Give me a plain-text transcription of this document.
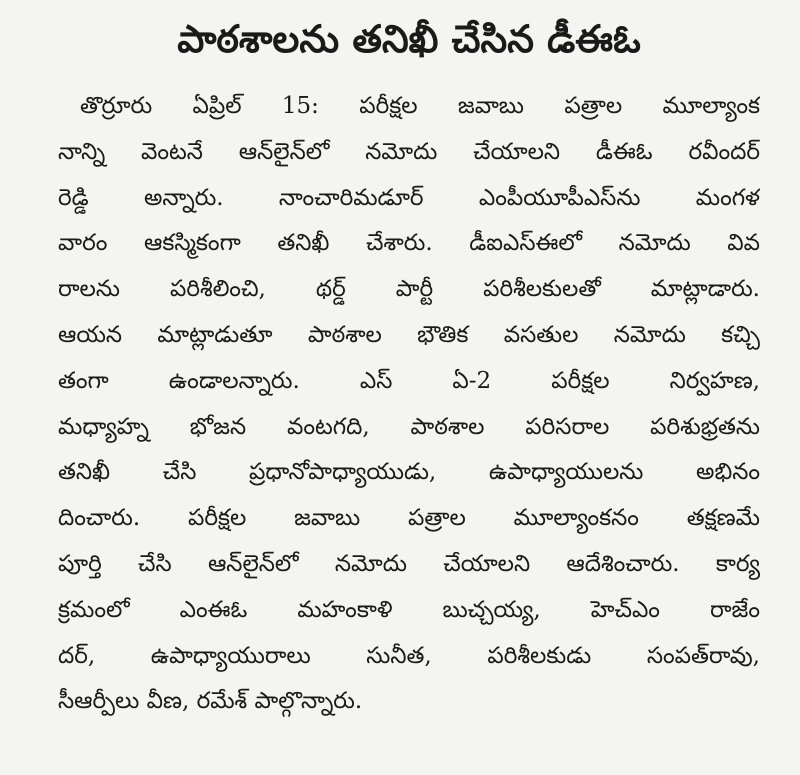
పాఠశాలను తనిఖీ చేసిన డీఈఓ
తొర్రూరు ఏప్రిల్ 15: పరీక్షల జవాబు పత్రాల మూల్యాంక
నాన్ని వెంటనే ఆన్‌లైన్‌లో నమోదు చేయాలని డీఈఓ రవీందర్
రెడ్డి అన్నారు. నాంచారిమడూర్ ఎంపీయూపీఎస్‌ను మంగళ
వారం ఆకస్మికంగా తనిఖీ చేశారు. డీఐఎస్‌ఈలో నమోదు వివ
రాలను పరిశీలించి, థర్డ్ పార్టీ పరిశీలకులతో మాట్లాడారు.
ఆయన మాట్లాడుతూ పాఠశాల భౌతిక వసతుల నమోదు కచ్చి
తంగా ఉండాలన్నారు. ఎస్ ఏ-2 పరీక్షల నిర్వహణ,
మధ్యాహ్న భోజన వంటగది, పాఠశాల పరిసరాల పరిశుభ్రతను
తనిఖీ చేసి ప్రధానోపాధ్యాయుడు, ఉపాధ్యాయులను అభినం
దించారు. పరీక్షల జవాబు పత్రాల మూల్యాంకనం తక్షణమే
పూర్తి చేసి ఆన్‌లైన్‌లో నమోదు చేయాలని ఆదేశించారు. కార్య
క్రమంలో ఎంఈఓ మహంకాళి బుచ్చయ్య, హెచ్ఎం రాజేం
దర్, ఉపాధ్యాయురాలు సునీత, పరిశీలకుడు సంపత్‌రావు,
సీఆర్పీలు వీణ, రమేశ్ పాల్గొన్నారు.
